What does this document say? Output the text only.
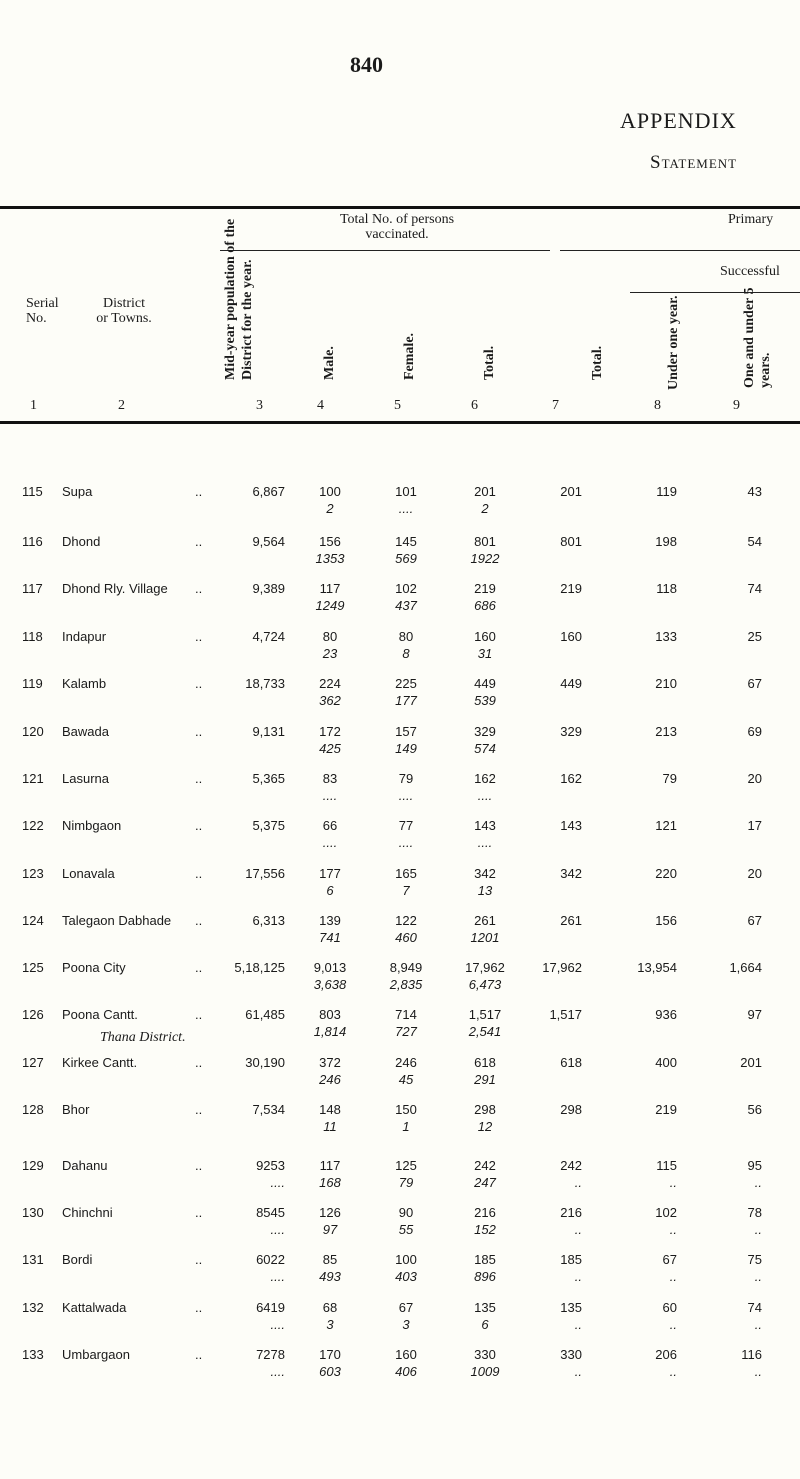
840
APPENDIX
Statement
Serial
No.
District
or Towns.	Mid-year population of the District for the year.
Total No. of persons
vaccinated.
Primary
Successful
Male.	Female.	Total.	Total.	Under one year.	One and under 5 years.
1	2	3	4	5	6	7	8	9
Thana District.
115	Supa	..	6,867	100	101	201	201	119	43
2	....	2
116	Dhond	..	9,564	156	145	801	801	198	54
1353	569	1922
117	Dhond Rly. Village	..	9,389	117	102	219	219	118	74
1249	437	686
118	Indapur	..	4,724	80	80	160	160	133	25
23	8	31
119	Kalamb	..	18,733	224	225	449	449	210	67
362	177	539
120	Bawada	..	9,131	172	157	329	329	213	69
425	149	574
121	Lasurna	..	5,365	83	79	162	162	79	20
....	....	....
122	Nimbgaon	..	5,375	66	77	143	143	121	17
....	....	....
123	Lonavala	..	17,556	177	165	342	342	220	20
6	7	13
124	Talegaon Dabhade	..	6,313	139	122	261	261	156	67
741	460	1201
125	Poona City	..	5,18,125 9,013	8,949	17,962	17,962	13,954	1,664
3,638	2,835	6,473
126	Poona Cantt.	..	61,485	803	714	1,517	1,517	936	97
1,814	727	2,541
127	Kirkee Cantt.	..	30,190	372	246	618	618	400	201
246	45	291
128	Bhor	..	7,534	148	150	298	298	219	56
11	1	12
129	Dahanu	..	9253	117	125	242	242	115	95
....	168	79	247	..	..	..
130	Chinchni	..	8545	126	90	216	216	102	78
....	97	55	152	..	..	..
131	Bordi	..	6022	85	100	185	185	67	75
....	493	403	896	..	..	..
132	Kattalwada	..	6419	68	67	135	135	60	74
....	3	3	6	..	..	..
133	Umbargaon	..	7278	170	160	330	330	206	116
....	603	406	1009	..	..	..
